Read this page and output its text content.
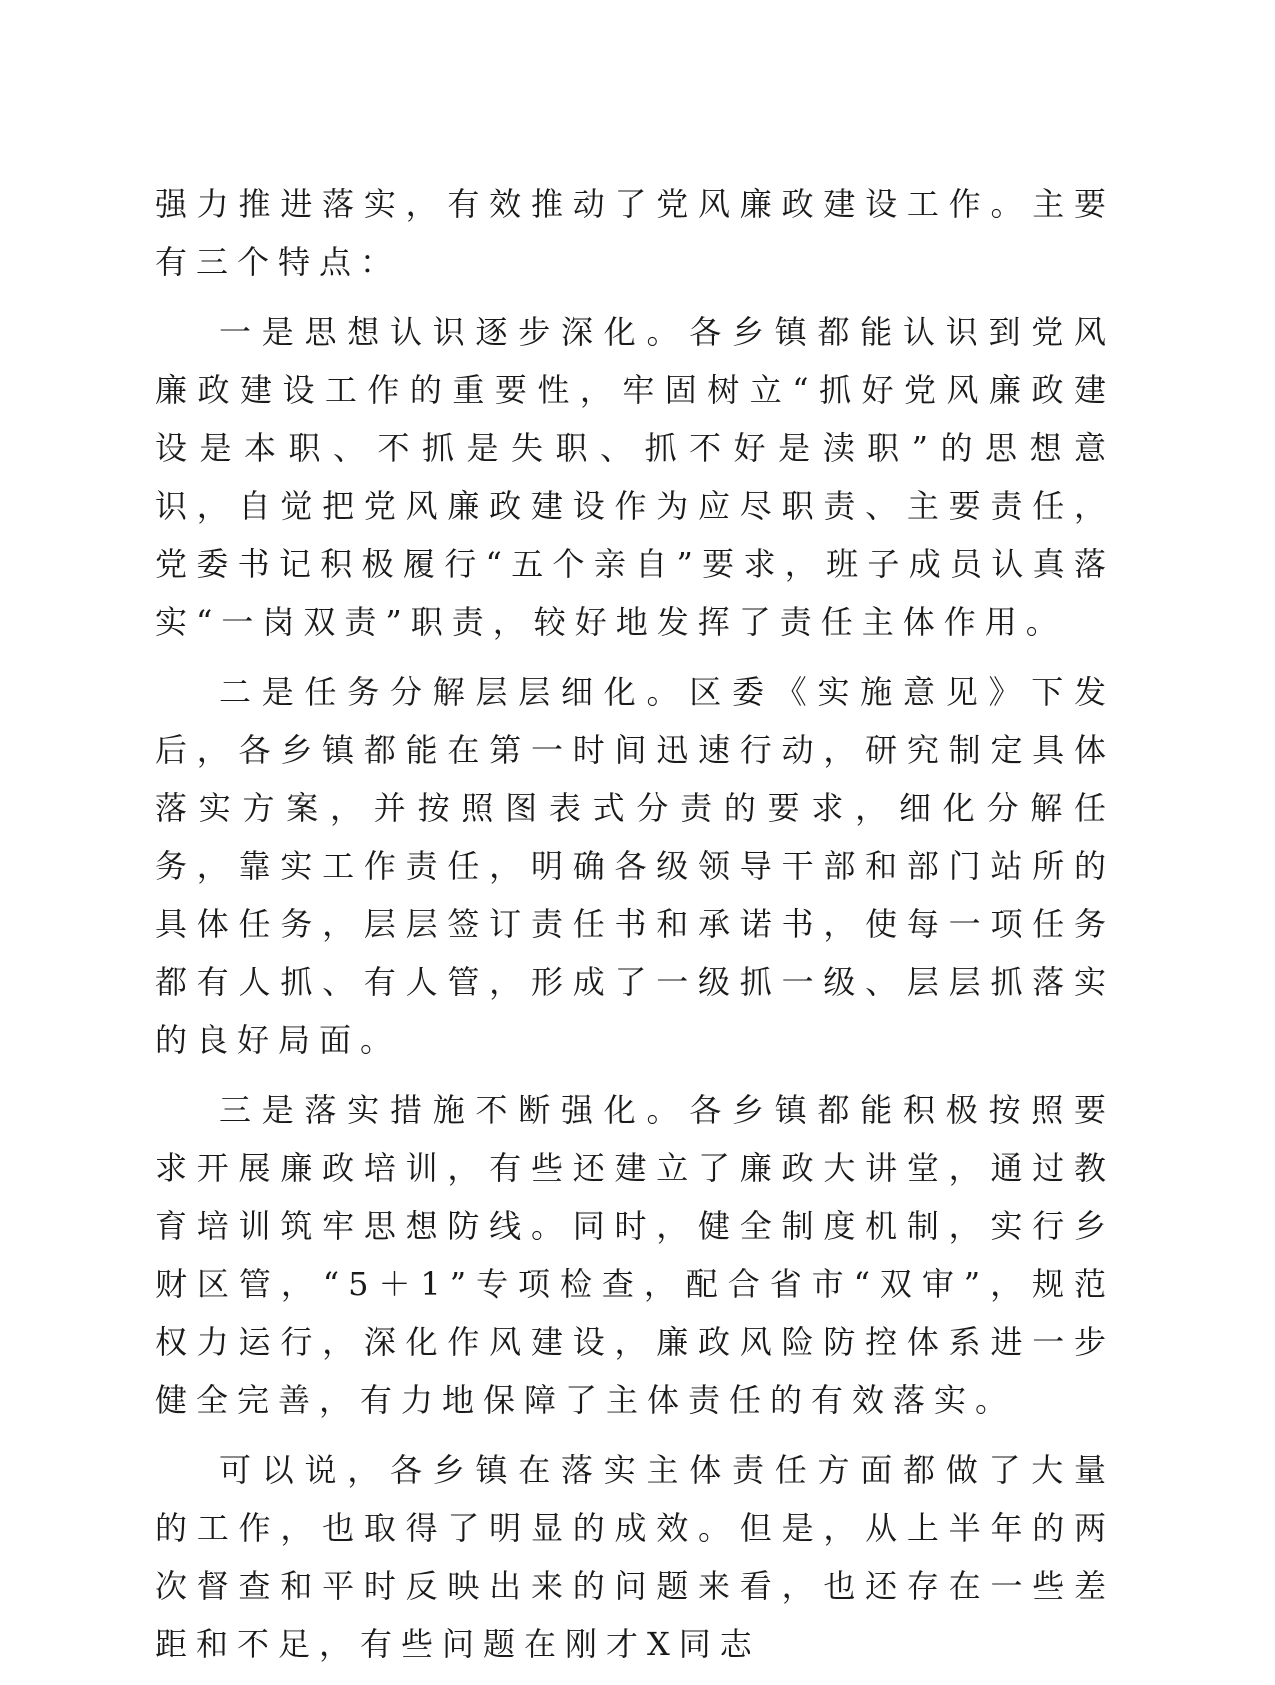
强力推进落实，有效推动了党风廉政建设工作。主要有三个特点：

一是思想认识逐步深化。各乡镇都能认识到党风廉政建设工作的重要性，牢固树立“抓好党风廉政建设是本职、不抓是失职、抓不好是渎职”的思想意识，自觉把党风廉政建设作为应尽职责、主要责任，党委书记积极履行“五个亲自”要求，班子成员认真落实“一岗双责”职责，较好地发挥了责任主体作用。

二是任务分解层层细化。区委《实施意见》下发后，各乡镇都能在第一时间迅速行动，研究制定具体落实方案，并按照图表式分责的要求，细化分解任务，靠实工作责任，明确各级领导干部和部门站所的具体任务，层层签订责任书和承诺书，使每一项任务都有人抓、有人管，形成了一级抓一级、层层抓落实的良好局面。

三是落实措施不断强化。各乡镇都能积极按照要求开展廉政培训，有些还建立了廉政大讲堂，通过教育培训筑牢思想防线。同时，健全制度机制，实行乡财区管，“5＋1”专项检查，配合省市“双审”，规范权力运行，深化作风建设，廉政风险防控体系进一步健全完善，有力地保障了主体责任的有效落实。

可以说，各乡镇在落实主体责任方面都做了大量的工作，也取得了明显的成效。但是，从上半年的两次督查和平时反映出来的问题来看，也还存在一些差距和不足，有些问题在刚才X同志
